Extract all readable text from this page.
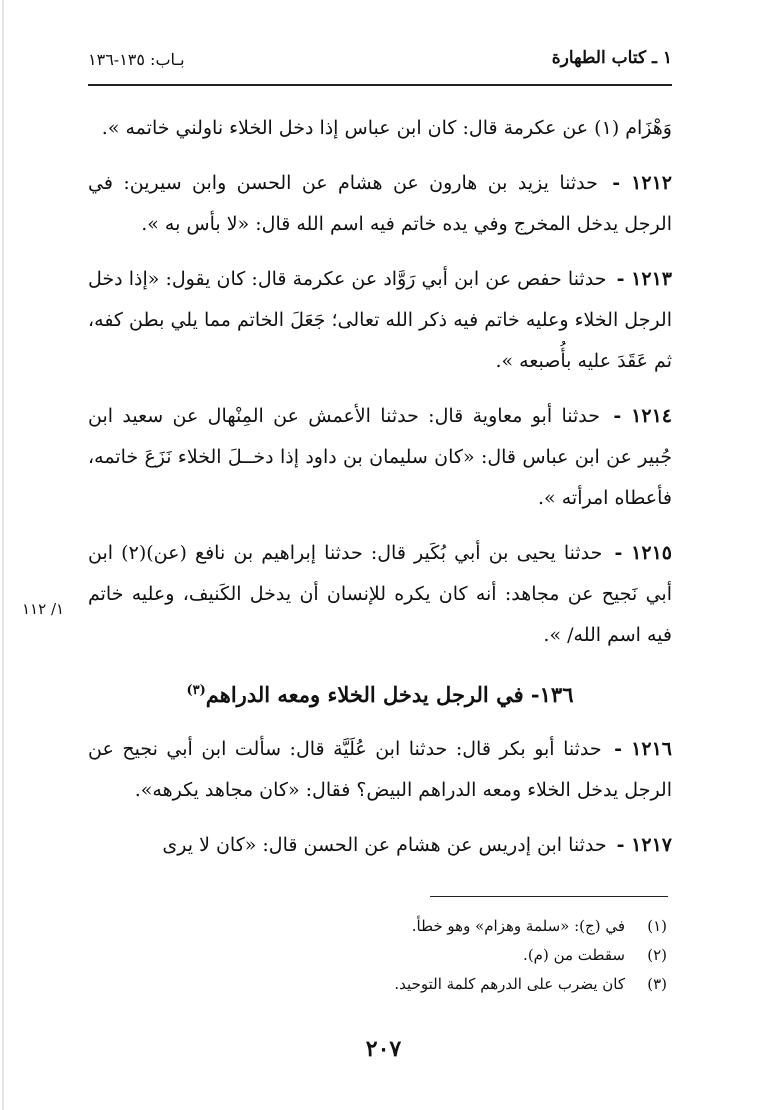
١ ـ كتاب الطهارة
بـاب: ١٣٥-١٣٦

وَهْزَام (١) عن عكرمة قال: كان ابن عباس إذا دخل الخلاء ناولني خاتمه ».

١٢١٢ - حدثنا يزيد بن هارون عن هشام عن الحسن وابن سيرين: في الرجل يدخل المخرج وفي يده خاتم فيه اسم الله قال: «لا بأس به ».

١٢١٣ - حدثنا حفص عن ابن أبي رَوَّاد عن عكرمة قال: كان يقول: «إذا دخل الرجل الخلاء وعليه خاتم فيه ذكر الله تعالى؛ جَعَلَ الخاتم مما يلي بطن كفه، ثم عَقَدَ عليه بأُصبعه ».

١٢١٤ - حدثنا أبو معاوية قال: حدثنا الأعمش عن المِنْهال عن سعيد ابن جُبير عن ابن عباس قال: «كان سليمان بن داود إذا دخــلَ الخلاء نَزَعَ خاتمه، فأعطاه امرأته ».

١٢١٥ - حدثنا يحيى بن أبي بُكَير قال: حدثنا إبراهيم بن نافع (عن)(٢) ابن أبي نَجيح عن مجاهد: أنه كان يكره للإنسان أن يدخل الكَنيف، وعليه خاتم فيه اسم الله/ ».

١٣٦- في الرجل يدخل الخلاء ومعه الدراهم$^{(٣)}$

١٢١٦ - حدثنا أبو بكر قال: حدثنا ابن عُلَيَّة قال: سألت ابن أبي نجيح عن الرجل يدخل الخلاء ومعه الدراهم البيض؟ فقال: «كان مجاهد يكرهه».

١٢١٧ - حدثنا ابن إدريس عن هشام عن الحسن قال: «كان لا يرى

١/ ١١٢
(١)في (ج): «سلمة وهزام» وهو خطأ.
(٢)سقطت من (م).
(٣)كان يضرب على الدرهم كلمة التوحيد.
٢٠٧
